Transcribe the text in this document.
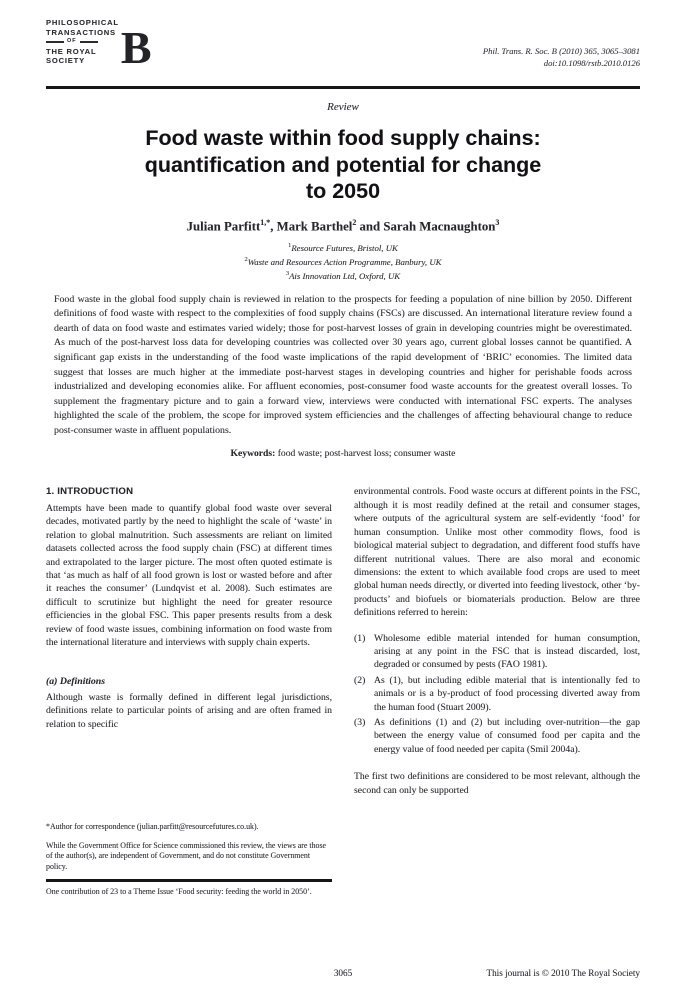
PHILOSOPHICAL
TRANSACTIONS
OF
THE ROYAL
SOCIETY B	Phil. Trans. R. Soc. B (2010) 365, 3065–3081
doi:10.1098/rstb.2010.0126
Review
Food waste within food supply chains:
quantification and potential for change
to 2050
Julian Parfitt$^{1,*}$, Mark Barthel$^2$ and Sarah Macnaughton$^3$
$^1$Resource Futures, Bristol, UK
$^2$Waste and Resources Action Programme, Banbury, UK
$^3$Ais Innovation Ltd, Oxford, UK
Food waste in the global food supply chain is reviewed in relation to the prospects for feeding a population of nine billion by 2050. Different definitions of food waste with respect to the complexities of food supply chains (FSCs) are discussed. An international literature review found a dearth of data on food waste and estimates varied widely; those for post-harvest losses of grain in developing countries might be overestimated. As much of the post-harvest loss data for developing countries was collected over 30 years ago, current global losses cannot be quantified. A significant gap exists in the understanding of the food waste implications of the rapid development of ‘BRIC’ economies. The limited data suggest that losses are much higher at the immediate post-harvest stages in developing countries and higher for perishable foods across industrialized and developing economies alike. For affluent economies, post-consumer food waste accounts for the greatest overall losses. To supplement the fragmentary picture and to gain a forward view, interviews were conducted with international FSC experts. The analyses highlighted the scale of the problem, the scope for improved system efficiencies and the challenges of affecting behavioural change to reduce post-consumer waste in affluent populations.
Keywords: food waste; post-harvest loss; consumer waste
1. INTRODUCTION
Attempts have been made to quantify global food waste over several decades, motivated partly by the need to highlight the scale of ‘waste’ in relation to global malnutrition. Such assessments are reliant on limited datasets collected across the food supply chain (FSC) at different times and extrapolated to the larger picture. The most often quoted estimate is that ‘as much as half of all food grown is lost or wasted before and after it reaches the consumer’ (Lundqvist et al. 2008). Such estimates are difficult to scrutinize but highlight the need for greater resource efficiencies in the global FSC. This paper presents results from a desk review of food waste issues, combining information on food waste from the international literature and interviews with supply chain experts.
(a) Definitions
Although waste is formally defined in different legal jurisdictions, definitions relate to particular points of arising and are often framed in relation to specific
*Author for correspondence (julian.parfitt@resourcefutures.co.uk).
While the Government Office for Science commissioned this review, the views are those of the author(s), are independent of Government, and do not constitute Government policy.
One contribution of 23 to a Theme Issue ‘Food security: feeding the world in 2050’.
environmental controls. Food waste occurs at different points in the FSC, although it is most readily defined at the retail and consumer stages, where outputs of the agricultural system are self-evidently ‘food’ for human consumption. Unlike most other commodity flows, food is biological material subject to degradation, and different food stuffs have different nutritional values. There are also moral and economic dimensions: the extent to which available food crops are used to meet global human needs directly, or diverted into feeding livestock, other ‘by-products’ and biofuels or biomaterials production. Below are three definitions referred to herein:
(1) Wholesome edible material intended for human consumption, arising at any point in the FSC that is instead discarded, lost, degraded or consumed by pests (FAO 1981).
(2) As (1), but including edible material that is intentionally fed to animals or is a by-product of food processing diverted away from the human food (Stuart 2009).
(3) As definitions (1) and (2) but including over-nutrition—the gap between the energy value of consumed food per capita and the energy value of food needed per capita (Smil 2004a).
The first two definitions are considered to be most relevant, although the second can only be supported
3065	This journal is © 2010 The Royal Society
